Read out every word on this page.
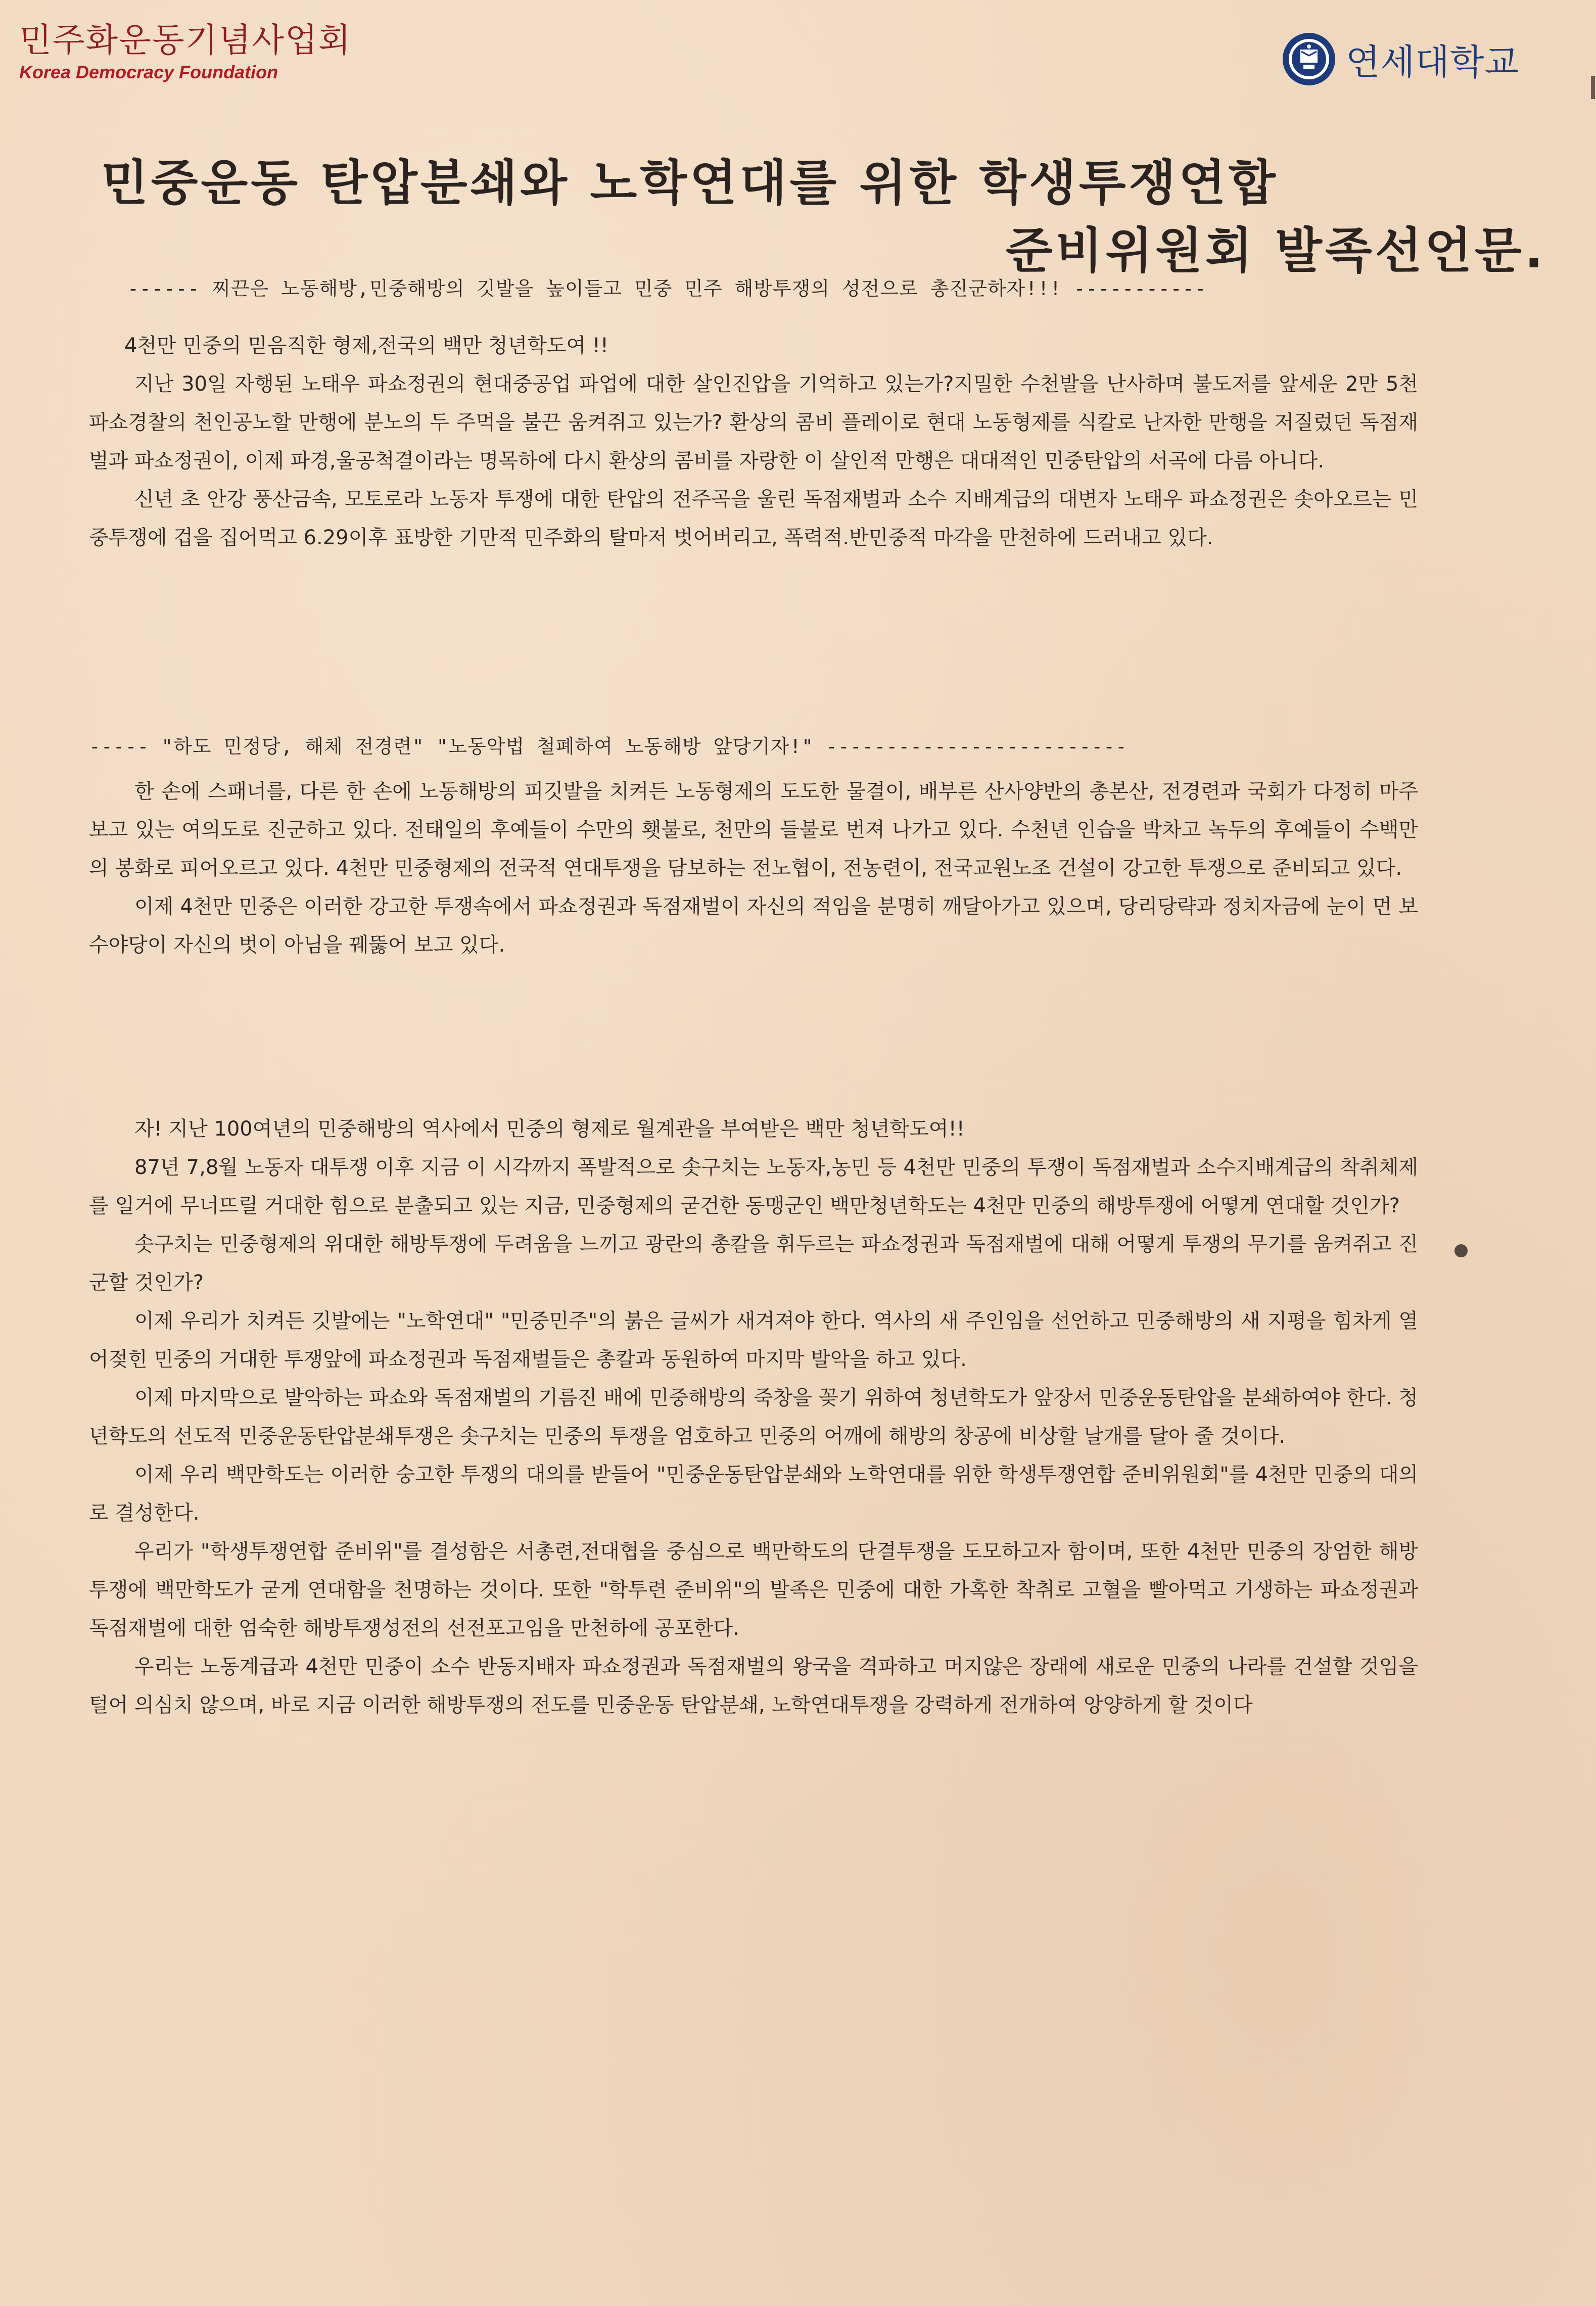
민주화운동기념사업회
Korea Democracy Foundation	연세대학교
민중운동 탄압분쇄와 노학연대를 위한 학생투쟁연합
준비위원회 발족선언문.
------ 찌끈은 노동해방,민중해방의 깃발을 높이들고 민중 민주 해방투쟁의 성전으로 총진군하자!!! -----------

4천만 민중의 믿음직한 형제,전국의 백만 청년학도여 !!

지난 30일 자행된 노태우 파쇼정권의 현대중공업 파업에 대한 살인진압을 기억하고 있는가?지밀한 수천발을 난사하며 불도저를 앞세운 2만 5천 파쇼경찰의 천인공노할 만행에 분노의 두 주먹을 불끈 움켜쥐고 있는가? 환상의 콤비 플레이로 현대 노동형제를 식칼로 난자한 만행을 저질렀던 독점재벌과 파쇼정권이, 이제 파경,울공척결이라는 명목하에 다시 환상의 콤비를 자랑한 이 살인적 만행은 대대적인 민중탄압의 서곡에 다름 아니다.

신년 초 안강 풍산금속, 모토로라 노동자 투쟁에 대한 탄압의 전주곡을 울린 독점재벌과 소수 지배계급의 대변자 노태우 파쇼정권은 솟아오르는 민중투쟁에 겁을 집어먹고 6.29이후 표방한 기만적 민주화의 탈마저 벗어버리고, 폭력적.반민중적 마각을 만천하에 드러내고 있다.

----- "하도 민정당, 해체 전경련" "노동악법 철폐하여 노동해방 앞당기자!" -------------------------

한 손에 스패너를, 다른 한 손에 노동해방의 피깃발을 치켜든 노동형제의 도도한 물결이, 배부른 산사양반의 총본산, 전경련과 국회가 다정히 마주보고 있는 여의도로 진군하고 있다. 전태일의 후예들이 수만의 횃불로, 천만의 들불로 번져 나가고 있다. 수천년 인습을 박차고 녹두의 후예들이 수백만의 봉화로 피어오르고 있다. 4천만 민중형제의 전국적 연대투쟁을 담보하는 전노협이, 전농련이, 전국교원노조 건설이 강고한 투쟁으로 준비되고 있다.

이제 4천만 민중은 이러한 강고한 투쟁속에서 파쇼정권과 독점재벌이 자신의 적임을 분명히 깨달아가고 있으며, 당리당략과 정치자금에 눈이 먼 보수야당이 자신의 벗이 아님을 꿰뚫어 보고 있다.

자! 지난 100여년의 민중해방의 역사에서 민중의 형제로 월계관을 부여받은 백만 청년학도여!!

87년 7,8월 노동자 대투쟁 이후 지금 이 시각까지 폭발적으로 솟구치는 노동자,농민 등 4천만 민중의 투쟁이 독점재벌과 소수지배계급의 착취체제를 일거에 무너뜨릴 거대한 힘으로 분출되고 있는 지금, 민중형제의 굳건한 동맹군인 백만청년학도는 4천만 민중의 해방투쟁에 어떻게 연대할 것인가?

솟구치는 민중형제의 위대한 해방투쟁에 두려움을 느끼고 광란의 총칼을 휘두르는 파쇼정권과 독점재벌에 대해 어떻게 투쟁의 무기를 움켜쥐고 진군할 것인가?

이제 우리가 치켜든 깃발에는 "노학연대" "민중민주"의 붉은 글씨가 새겨져야 한다. 역사의 새 주인임을 선언하고 민중해방의 새 지평을 힘차게 열어젖힌 민중의 거대한 투쟁앞에 파쇼정권과 독점재벌들은 총칼과 동원하여 마지막 발악을 하고 있다.

이제 마지막으로 발악하는 파쇼와 독점재벌의 기름진 배에 민중해방의 죽창을 꽂기 위하여 청년학도가 앞장서 민중운동탄압을 분쇄하여야 한다. 청년학도의 선도적 민중운동탄압분쇄투쟁은 솟구치는 민중의 투쟁을 엄호하고 민중의 어깨에 해방의 창공에 비상할 날개를 달아 줄 것이다.

이제 우리 백만학도는 이러한 숭고한 투쟁의 대의를 받들어 "민중운동탄압분쇄와 노학연대를 위한 학생투쟁연합 준비위원회"를 4천만 민중의 대의로 결성한다.

우리가 "학생투쟁연합 준비위"를 결성함은 서총련,전대협을 중심으로 백만학도의 단결투쟁을 도모하고자 함이며, 또한 4천만 민중의 장엄한 해방투쟁에 백만학도가 굳게 연대함을 천명하는 것이다. 또한 "학투련 준비위"의 발족은 민중에 대한 가혹한 착취로 고혈을 빨아먹고 기생하는 파쇼정권과 독점재벌에 대한 엄숙한 해방투쟁성전의 선전포고임을 만천하에 공포한다.

우리는 노동계급과 4천만 민중이 소수 반동지배자 파쇼정권과 독점재벌의 왕국을 격파하고 머지않은 장래에 새로운 민중의 나라를 건설할 것임을 털어 의심치 않으며, 바로 지금 이러한 해방투쟁의 전도를 민중운동 탄압분쇄, 노학연대투쟁을 강력하게 전개하여 앙양하게 할 것이다
